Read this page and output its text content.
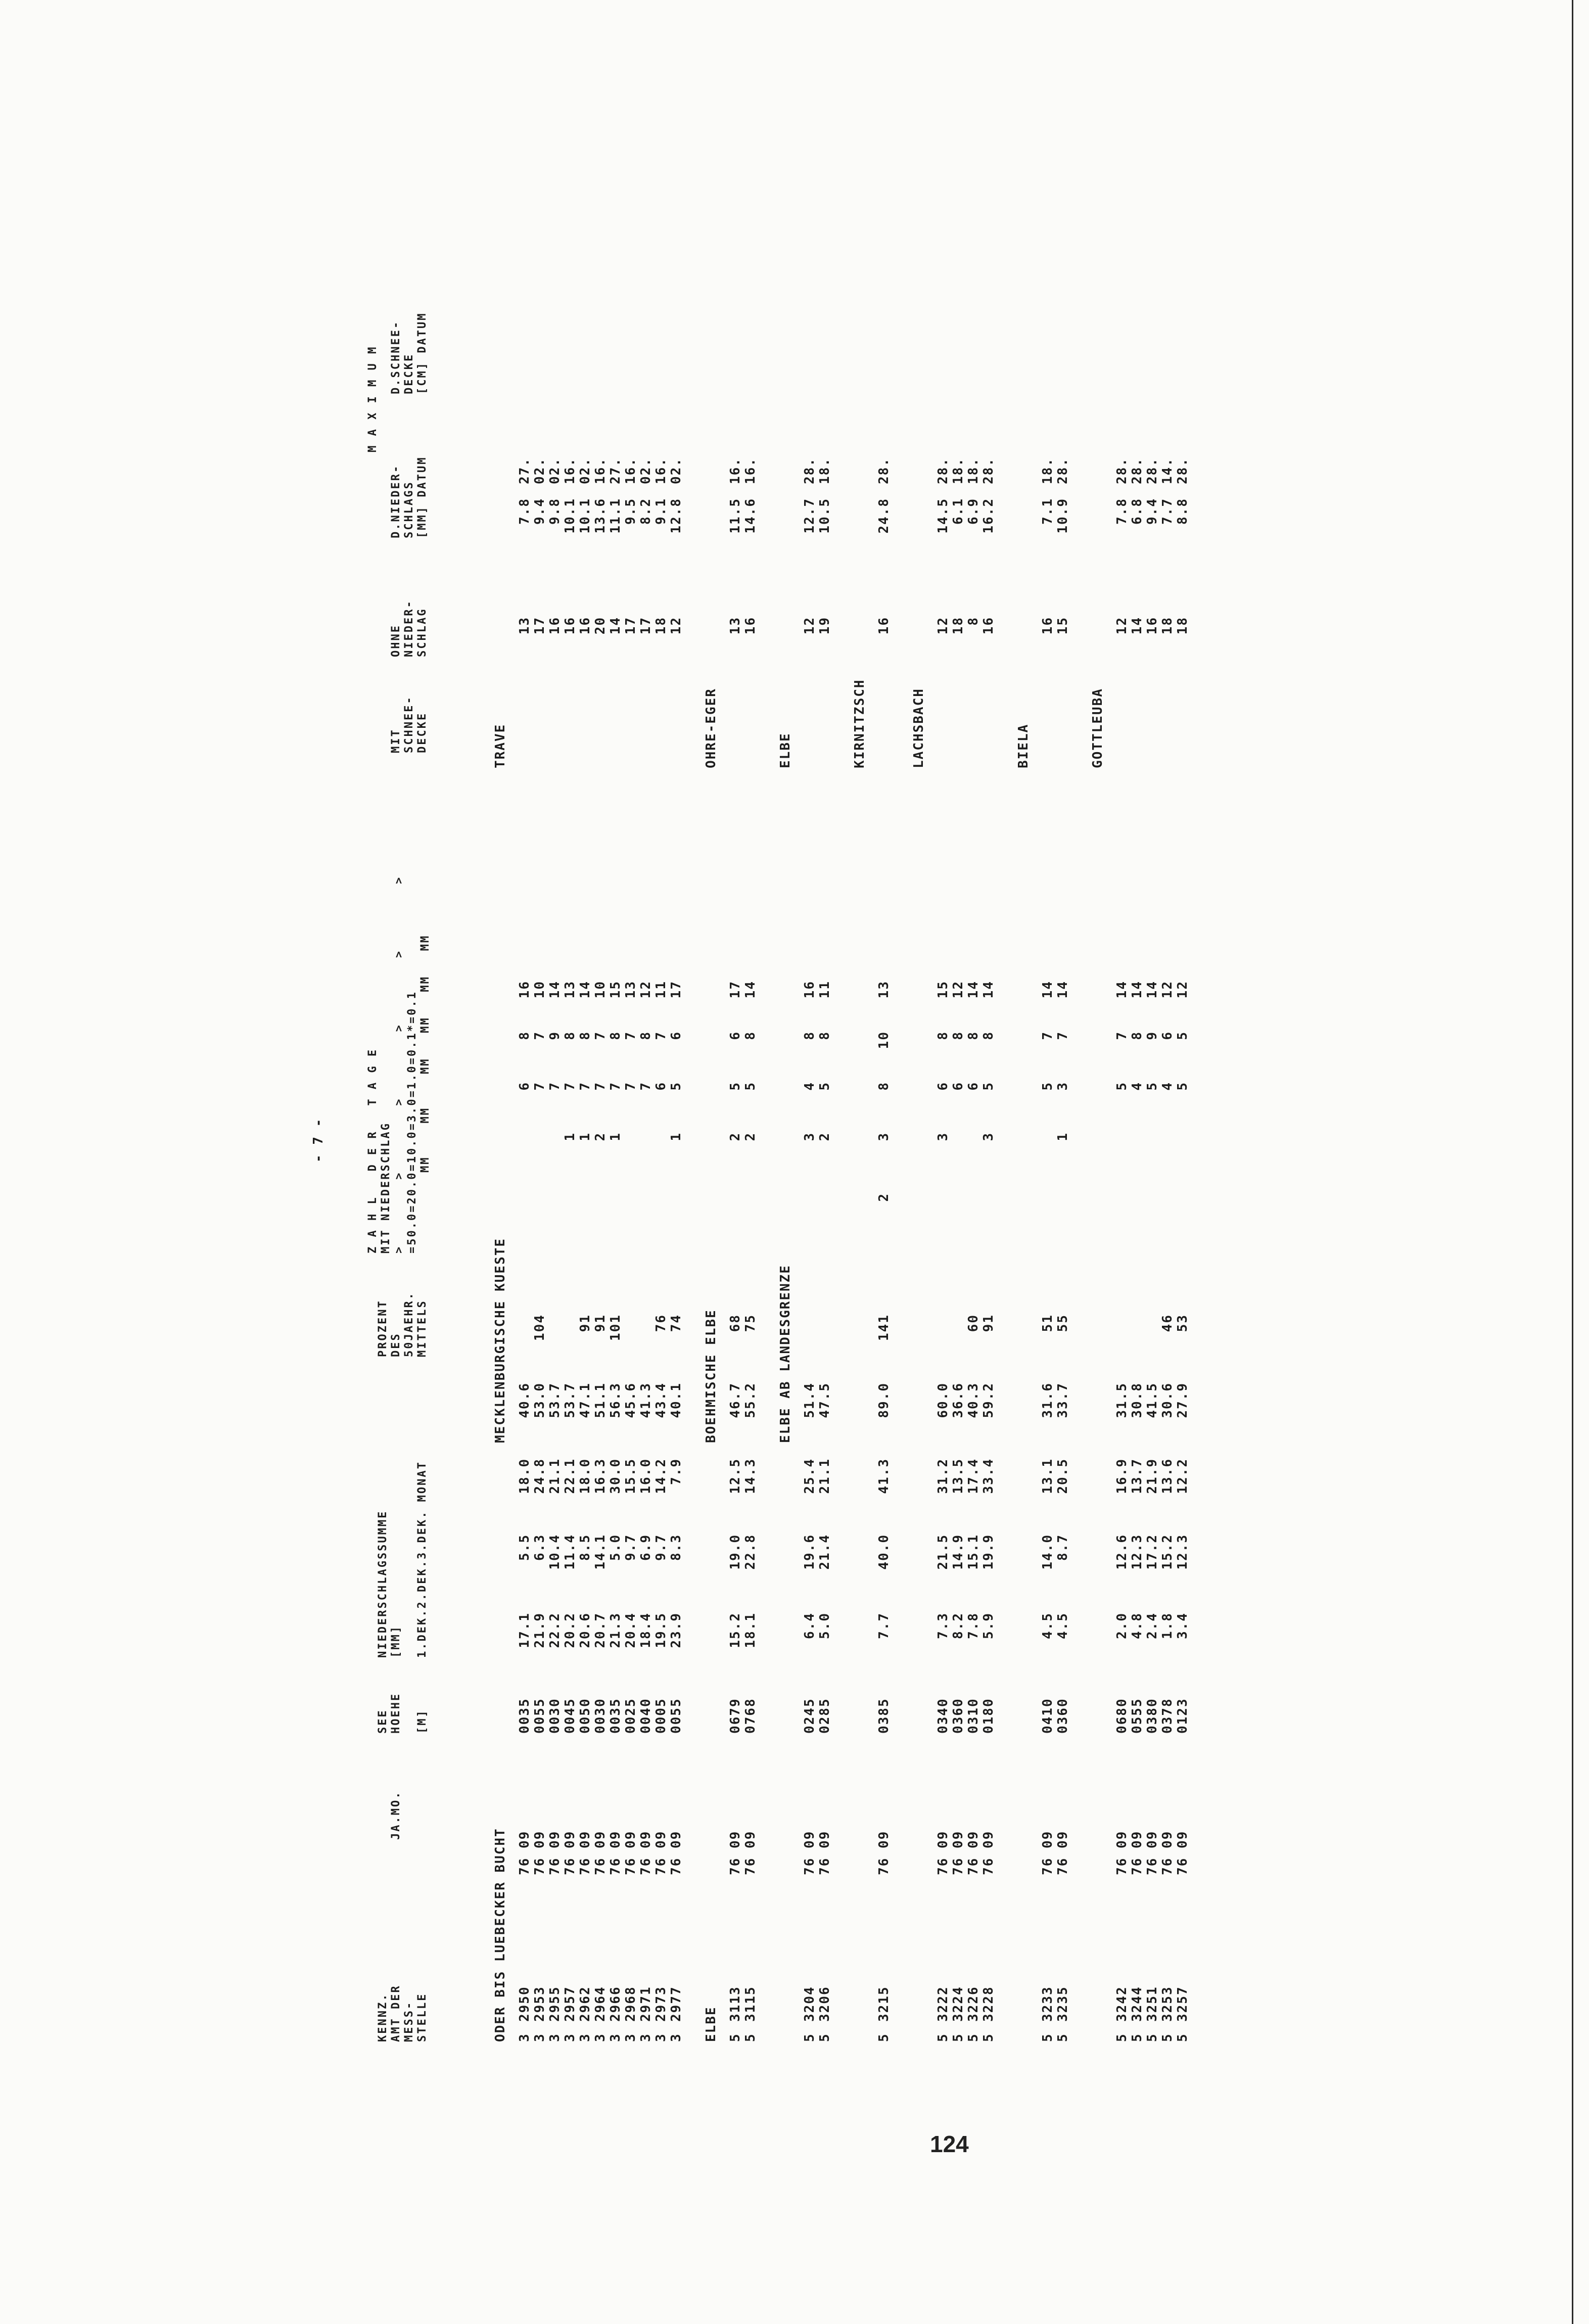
- 7 -
KENNZ.
AMT DER
MESS-
STELLE
JA.MO.
SEE
HOEHE

[M]
NIEDERSCHLAGSSUMME
[MM]

1.DEK.2.DEK.3.DEK. MONAT
PROZENT
DES
50JAEHR.
MITTELS
Z A H L   D E R   T A G E MIT NIEDERSCHLAG >        >        >        >        >        > =50.0=20.0=10.0=3.0=1.0=0.1*=0.1 MM    MM    MM   MM   MM   MM
MIT
SCHNEE-
DECKE
OHNE
NIEDER-
SCHLAG
M A X I M U M
D.NIEDER-
SCHLAGS
[MM] DATUM
D.SCHNEE-
DECKE
[CM] DATUM
ODER BIS LUEBECKER BUCHT
MECKLENBURGISCHE KUESTE
TRAVE
3
2950
76 09
0035
17.1
5.5
18.0
40.6
6
8
16
13
7.8
27.
3
2953
76 09
0055
21.9
6.3
24.8
53.0
104
7
7
10
17
9.4
02.
3
2955
76 09
0030
22.2
10.4
21.1
53.7
7
9
14
16
9.8
02.
3
2957
76 09
0045
20.2
11.4
22.1
53.7
1
7
8
13
16
10.1
16.
3
2962
76 09
0050
20.6
8.5
18.0
47.1
91
1
7
8
14
16
10.1
02.
3
2964
76 09
0030
20.7
14.1
16.3
51.1
91
2
7
7
10
20
13.6
16.
3
2966
76 09
0035
21.3
5.0
30.0
56.3
101
1
7
8
15
14
11.1
27.
3
2968
76 09
0025
20.4
9.7
15.5
45.6
7
7
13
17
9.5
16.
3
2971
76 09
0040
18.4
6.9
16.0
41.3
7
8
12
17
8.2
02.
3
2973
76 09
0005
19.5
9.7
14.2
43.4
76
6
7
11
18
9.1
16.
3
2977
76 09
0055
23.9
8.3
7.9
40.1
74
1
5
6
17
12
12.8
02.
ELBE
BOEHMISCHE ELBE
OHRE-EGER
5
3113
76 09
0679
15.2
19.0
12.5
46.7
68
2
5
6
17
13
11.5
16.
5
3115
76 09
0768
18.1
22.8
14.3
55.2
75
2
5
8
14
16
14.6
16.
ELBE AB LANDESGRENZE
ELBE
5
3204
76 09
0245
6.4
19.6
25.4
51.4
3
4
8
16
12
12.7
28.
5
3206
76 09
0285
5.0
21.4
21.1
47.5
2
5
8
11
19
10.5
18.
KIRNITZSCH
5
3215
76 09
0385
7.7
40.0
41.3
89.0
141
2
3
8
10
13
16
24.8
28.
LACHSBACH
5
3222
76 09
0340
7.3
21.5
31.2
60.0
3
6
8
15
12
14.5
28.
5
3224
76 09
0360
8.2
14.9
13.5
36.6
6
8
12
18
6.1
18.
5
3226
76 09
0310
7.8
15.1
17.4
40.3
60
6
8
14
8
6.9
18.
5
3228
76 09
0180
5.9
19.9
33.4
59.2
91
3
5
8
14
16
16.2
28.
BIELA
5
3233
76 09
0410
4.5
14.0
13.1
31.6
51
5
7
14
16
7.1
18.
5
3235
76 09
0360
4.5
8.7
20.5
33.7
55
1
3
7
14
15
10.9
28.
GOTTLEUBA
5
3242
76 09
0680
2.0
12.6
16.9
31.5
5
7
14
12
7.8
28.
5
3244
76 09
0555
4.8
12.3
13.7
30.8
4
8
14
14
6.8
28.
5
3251
76 09
0380
2.4
17.2
21.9
41.5
5
9
14
16
9.4
28.
5
3253
76 09
0378
1.8
15.2
13.6
30.6
46
4
6
12
18
7.7
14.
5
3257
76 09
0123
3.4
12.3
12.2
27.9
53
5
5
12
18
8.8
28.
124
